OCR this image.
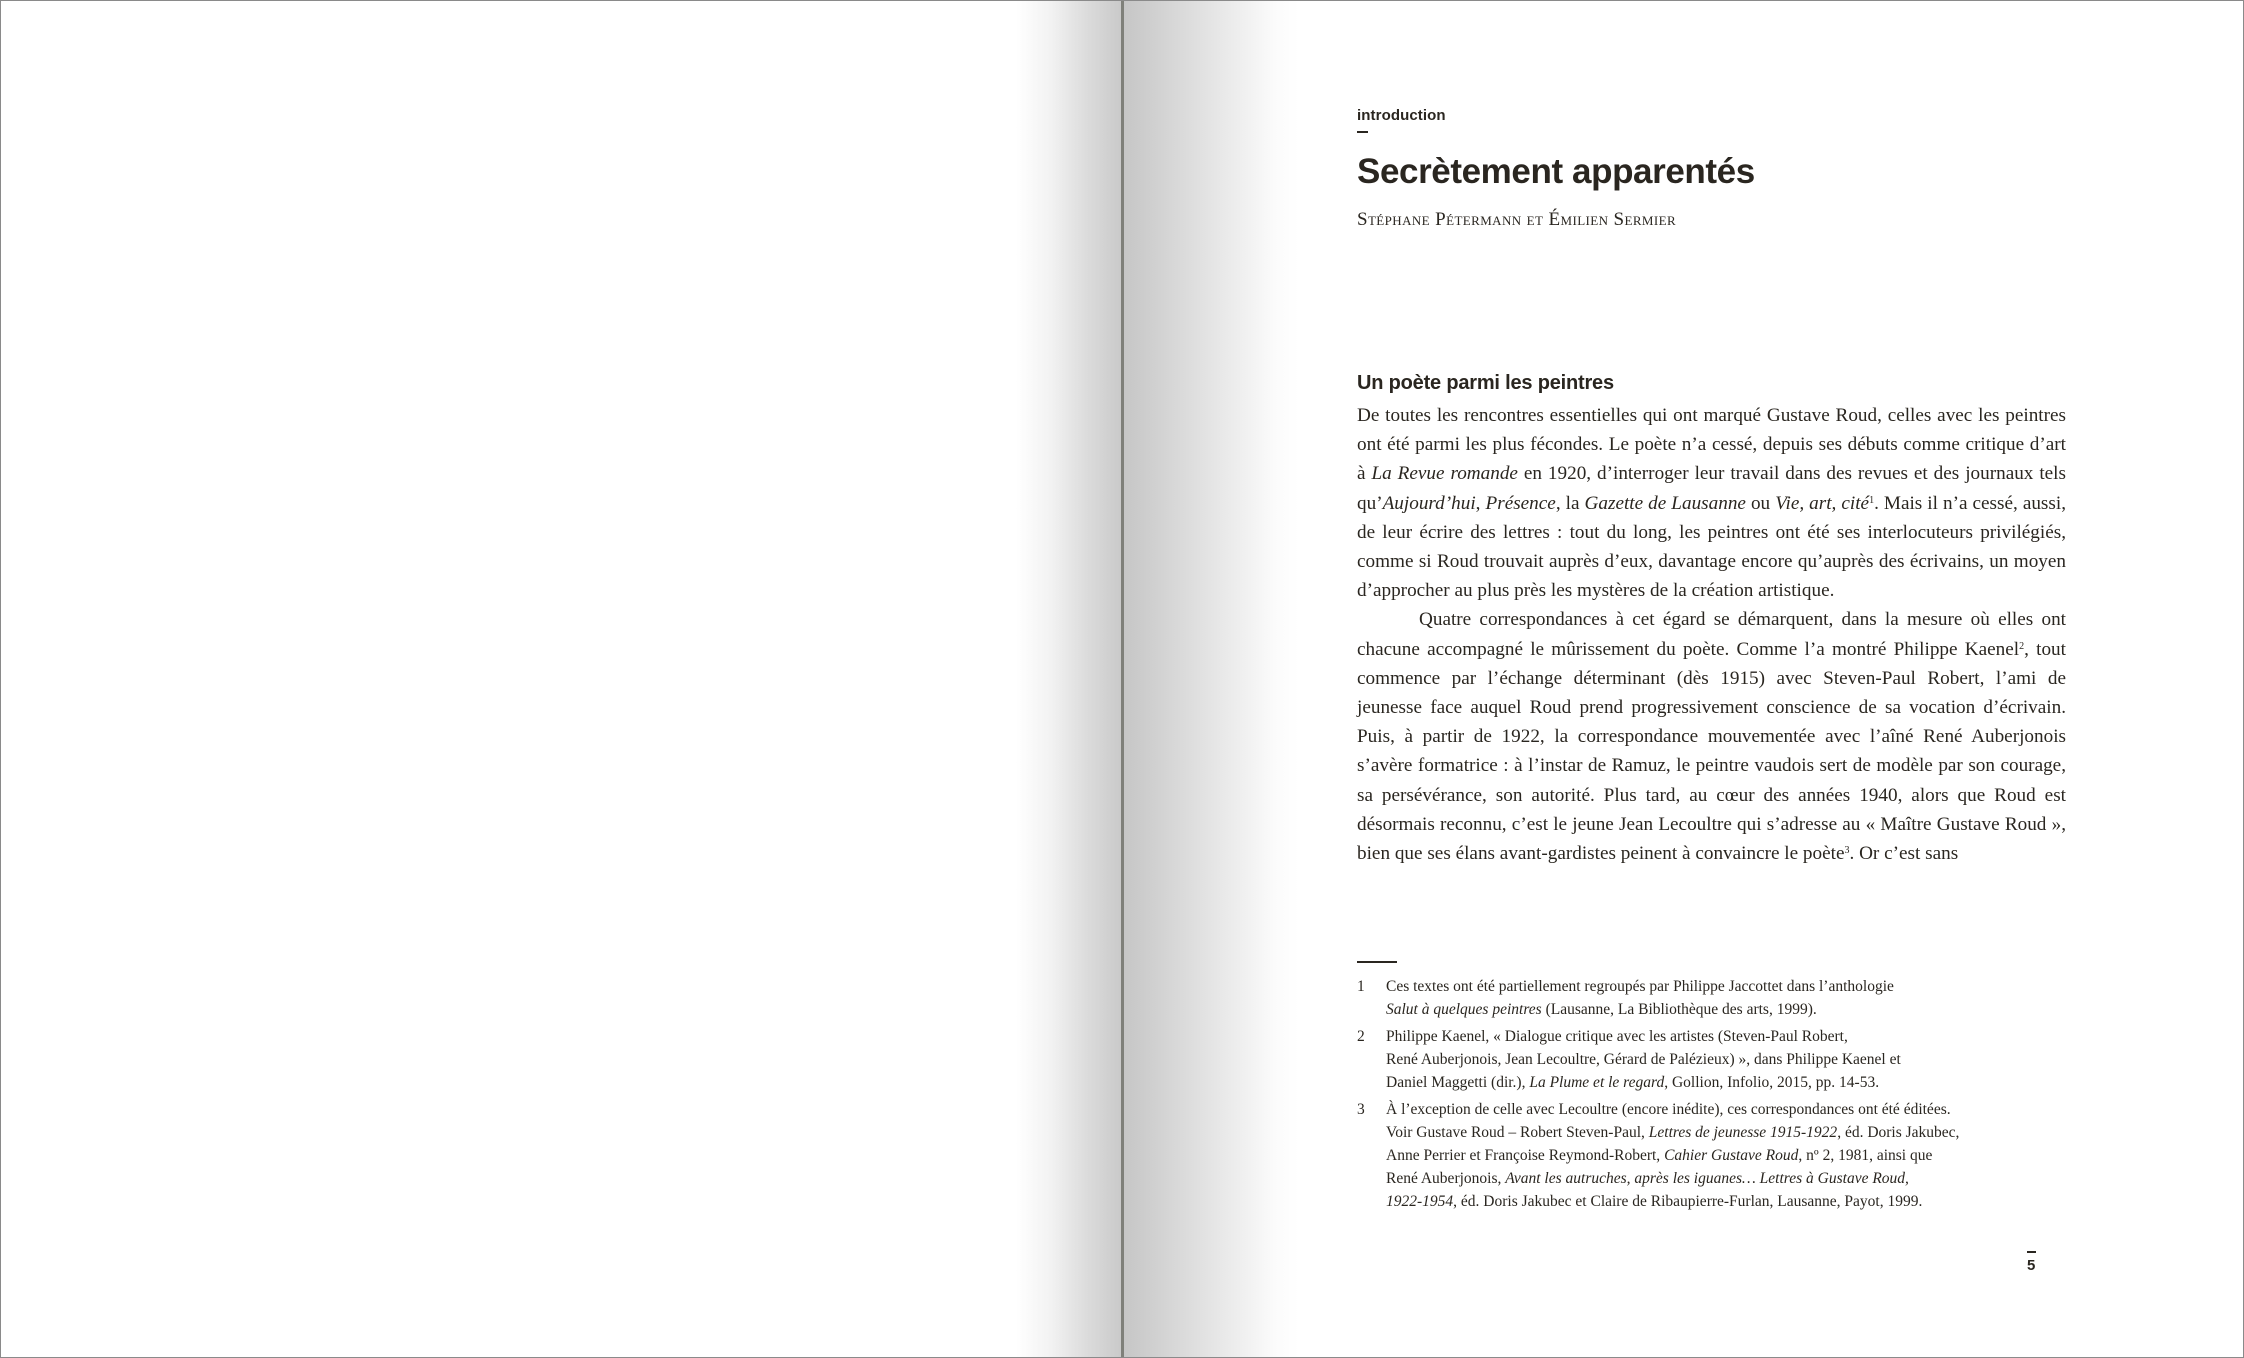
introduction
Secrètement apparentés
Stéphane Pétermann et Émilien Sermier
Un poète parmi les peintres

De toutes les rencontres essentielles qui ont marqué Gustave Roud, celles avec les peintres ont été parmi les plus fécondes. Le poète n’a cessé, depuis ses débuts comme critique d’art à La Revue romande en 1920, d’interroger leur travail dans des revues et des journaux tels qu’Aujourd’hui, Présence, la Gazette de Lausanne ou Vie, art, cité$^1$. Mais il n’a cessé, aussi, de leur écrire des lettres : tout du long, les peintres ont été ses interlocuteurs privilégiés, comme si Roud trouvait auprès d’eux, davantage encore qu’auprès des écrivains, un moyen d’approcher au plus près les mystères de la création artistique.

Quatre correspondances à cet égard se démarquent, dans la mesure où elles ont chacune accompagné le mûrissement du poète. Comme l’a montré Philippe Kaenel$^2$, tout commence par l’échange déterminant (dès 1915) avec Steven-Paul Robert, l’ami de jeunesse face auquel Roud prend progressivement conscience de sa vocation d’écrivain. Puis, à partir de 1922, la correspondance mouvementée avec l’aîné René Auberjonois s’avère formatrice : à l’instar de Ramuz, le peintre vaudois sert de modèle par son courage, sa persévérance, son autorité. Plus tard, au cœur des années 1940, alors que Roud est désormais reconnu, c’est le jeune Jean Lecoultre qui s’adresse au « Maître Gustave Roud », bien que ses élans avant-gardistes peinent à convaincre le poète$^3$. Or c’est sans

1 Ces textes ont été partiellement regroupés par Philippe Jaccottet dans l’anthologie
Salut à quelques peintres (Lausanne, La Bibliothèque des arts, 1999).
2 Philippe Kaenel, « Dialogue critique avec les artistes (Steven-Paul Robert,
René Auberjonois, Jean Lecoultre, Gérard de Palézieux) », dans Philippe Kaenel et
Daniel Maggetti (dir.), La Plume et le regard, Gollion, Infolio, 2015, pp. 14-53.
3 À l’exception de celle avec Lecoultre (encore inédite), ces correspondances ont été éditées.
Voir Gustave Roud – Robert Steven-Paul, Lettres de jeunesse 1915-1922, éd. Doris Jakubec,
Anne Perrier et Françoise Reymond-Robert, Cahier Gustave Roud, nº 2, 1981, ainsi que
René Auberjonois, Avant les autruches, après les iguanes… Lettres à Gustave Roud,
1922-1954, éd. Doris Jakubec et Claire de Ribaupierre-Furlan, Lausanne, Payot, 1999.
5
